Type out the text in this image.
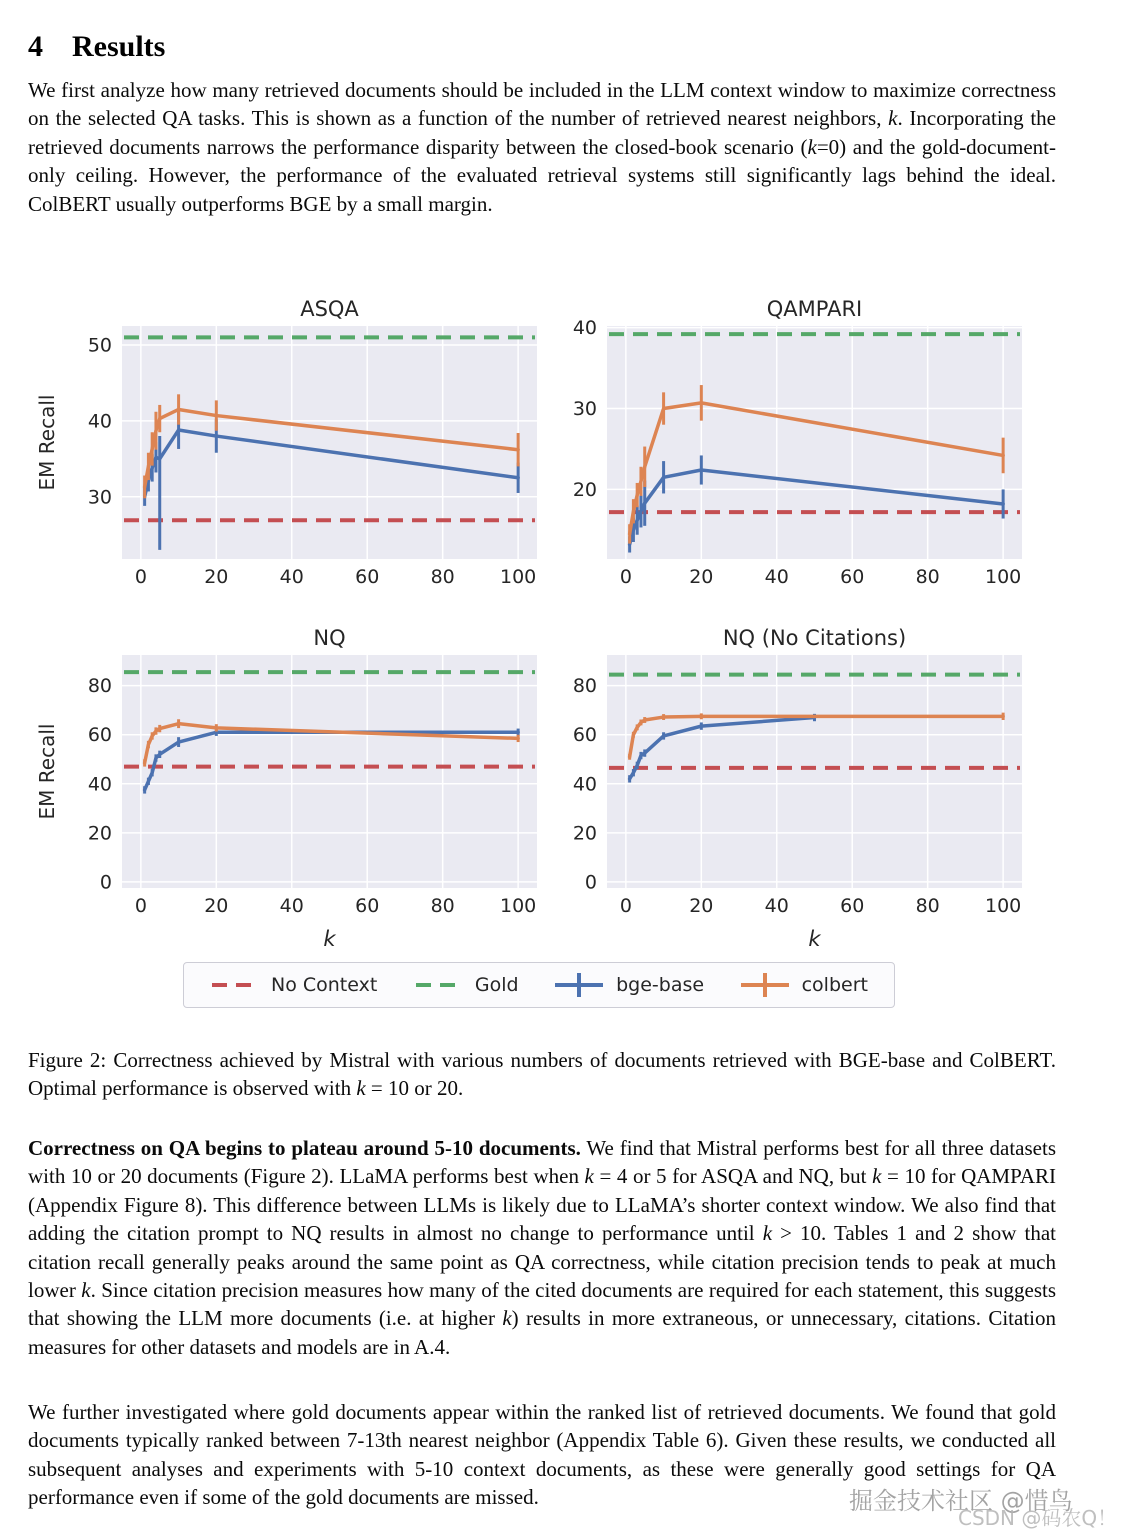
4 Results

We first analyze how many retrieved documents should be included in the LLM context window to maximize correctness on the selected QA tasks. This is shown as a function of the number of retrieved nearest neighbors, k. Incorporating the retrieved documents narrows the performance disparity between the closed-book scenario (k=0) and the gold-document-only ceiling. However, the performance of the evaluated retrieval systems still significantly lags behind the ideal. ColBERT usually outperforms BGE by a small margin.

0	20	40	60	80 100
30
40
50
ASQA
EM Recall
0	20	40	60	80 100
20
30
40
QAMPARI
0	20	40	60	80 100
0
20
40
60
80
NQ
EM Recall
k
0	20	40	60	80 100
0
20
40
60
80
NQ (No Citations)
k
No Context	Gold	bge-base	colbert

Figure 2: Correctness achieved by Mistral with various numbers of documents retrieved with BGE-base and ColBERT. Optimal performance is observed with k = 10 or 20.

Correctness on QA begins to plateau around 5-10 documents. We find that Mistral performs best for all three datasets with 10 or 20 documents (Figure 2). LLaMA performs best when k = 4 or 5 for ASQA and NQ, but k = 10 for QAMPARI (Appendix Figure 8). This difference between LLMs is likely due to LLaMA’s shorter context window. We also find that adding the citation prompt to NQ results in almost no change to performance until k > 10. Tables 1 and 2 show that citation recall generally peaks around the same point as QA correctness, while citation precision tends to peak at much lower k. Since citation precision measures how many of the cited documents are required for each statement, this suggests that showing the LLM more documents (i.e. at higher k) results in more extraneous, or unnecessary, citations. Citation measures for other datasets and models are in A.4.

We further investigated where gold documents appear within the ranked list of retrieved documents. We found that gold documents typically ranked between 7-13th nearest neighbor (Appendix Table 6). Given these results, we conducted all subsequent analyses and experiments with 5-10 context documents, as these were generally good settings for QA performance even if some of the gold documents are missed.	掘金技术社区 @惜鸟
CSDN @码农Q！
